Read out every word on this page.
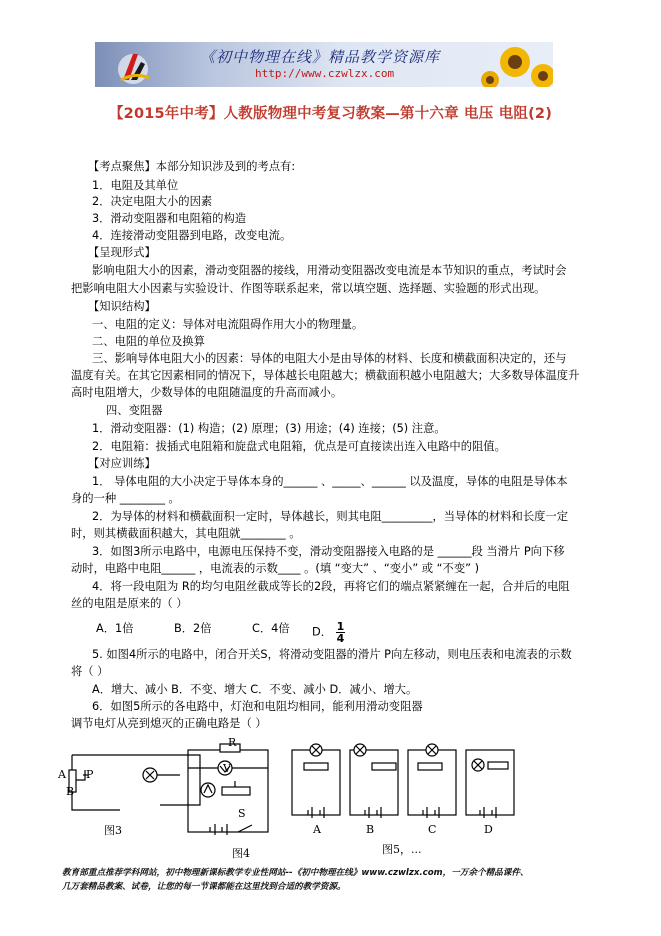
《初中物理在线》精品教学资源库
http://www.czwlzx.com
【2015年中考】人教版物理中考复习教案—第十六章 电压 电阻(2)
【考点聚焦】本部分知识涉及到的考点有:
1．电阻及其单位
2．决定电阻大小的因素
3．滑动变阻器和电阻箱的构造
4．连接滑动变阻器到电路，改变电流。
【呈现形式】
影响电阻大小的因素，滑动变阻器的接线，用滑动变阻器改变电流是本节知识的重点，考试时会
把影响电阻大小因素与实验设计、作图等联系起来，常以填空题、选择题、实验题的形式出现。
【知识结构】
一、电阻的定义：导体对电流阻碍作用大小的物理量。
二、电阻的单位及换算
三、影响导体电阻大小的因素：导体的电阻大小是由导体的材料、长度和横截面积决定的，还与
温度有关。在其它因素相同的情况下，导体越长电阻越大；横截面积越小电阻越大；大多数导体温度升
高时电阻增大，少数导体的电阻随温度的升高而减小。
四、变阻器
1．滑动变阻器：(1) 构造；(2) 原理；(3) 用途；(4) 连接；(5) 注意。
2．电阻箱：拔插式电阻箱和旋盘式电阻箱，优点是可直接读出连入电路中的阻值。
【对应训练】
1． 导体电阻的大小决定于导体本身的______ 、_____、______ 以及温度，导体的电阻是导体本
身的一种 ________ 。
2．为导体的材料和横截面积一定时，导体越长，则其电阻_________，当导体的材料和长度一定
时，则其横截面积越大，其电阻就________ 。
3．如图3所示电路中，电源电压保持不变，滑动变阻器接入电路的是 ______段 当滑片 P向下移
动时，电路中电阻______ ，电流表的示数____ 。(填 “变大” 、“变小” 或 “不变” )
4．将一段电阻为 R的均匀电阻丝截成等长的2段，再将它们的端点紧紧缠在一起，合并后的电阻
丝的电阻是原来的（ ）
A．1倍	B．2倍	C．4倍 D． $\frac{1}{4}$
5. 如图4所示的电路中，闭合开关S，将滑动变阻器的滑片 P向左移动，则电压表和电流表的示数
将（ ）
A．增大、减小 B．不变、增大 C．不变、减小 D．减小、增大。
6．如图5所示的各电路中，灯泡和电阻均相同，能利用滑动变阻器
调节电灯从亮到熄灭的正确电路是（ ）
A
B
P
R
V
S
图3
图4
A	B	C	D
图5，...
教育部重点推荐学科网站，初中物理新课标教学专业性网站--《初中物理在线》www.czwlzx.com，一万余个精品课件、
几万套精品教案、试卷，让您的每一节课都能在这里找到合适的教学资源。
